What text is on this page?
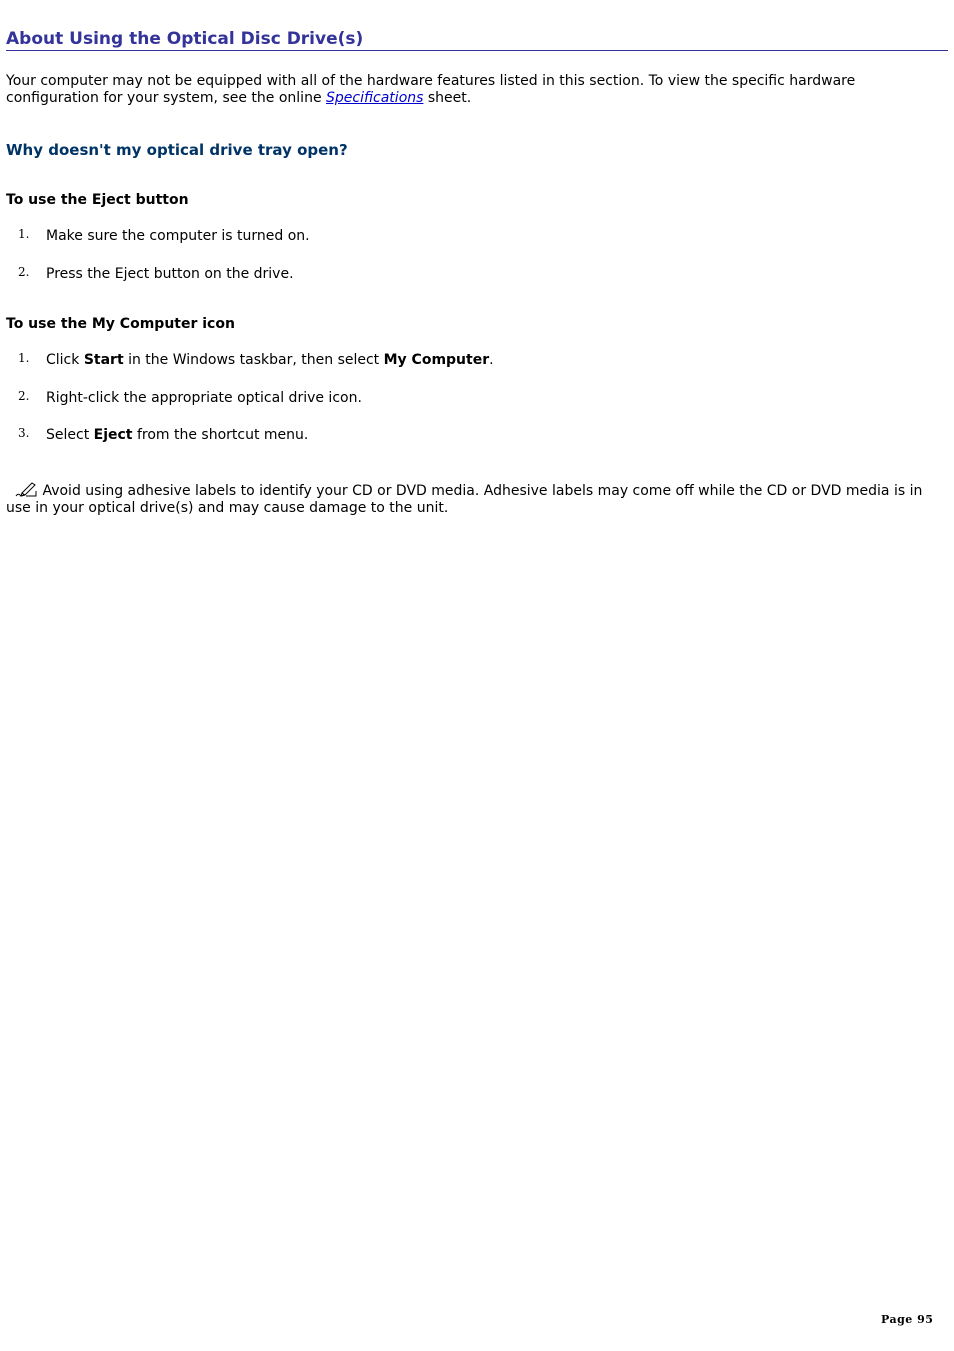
About Using the Optical Disc Drive(s)

Your computer may not be equipped with all of the hardware features listed in this section. To view the specific hardware configuration for your system, see the online Specifications sheet.

Why doesn't my optical drive tray open?
To use the Eject button
1. Make sure the computer is turned on.
2. Press the Eject button on the drive.
To use the My Computer icon
1. Click Start in the Windows taskbar, then select My Computer.
2. Right-click the appropriate optical drive icon.
3. Select Eject from the shortcut menu.

Avoid using adhesive labels to identify your CD or DVD media. Adhesive labels may come off while the CD or DVD media is in use in your optical drive(s) and may cause damage to the unit.

Page 95
